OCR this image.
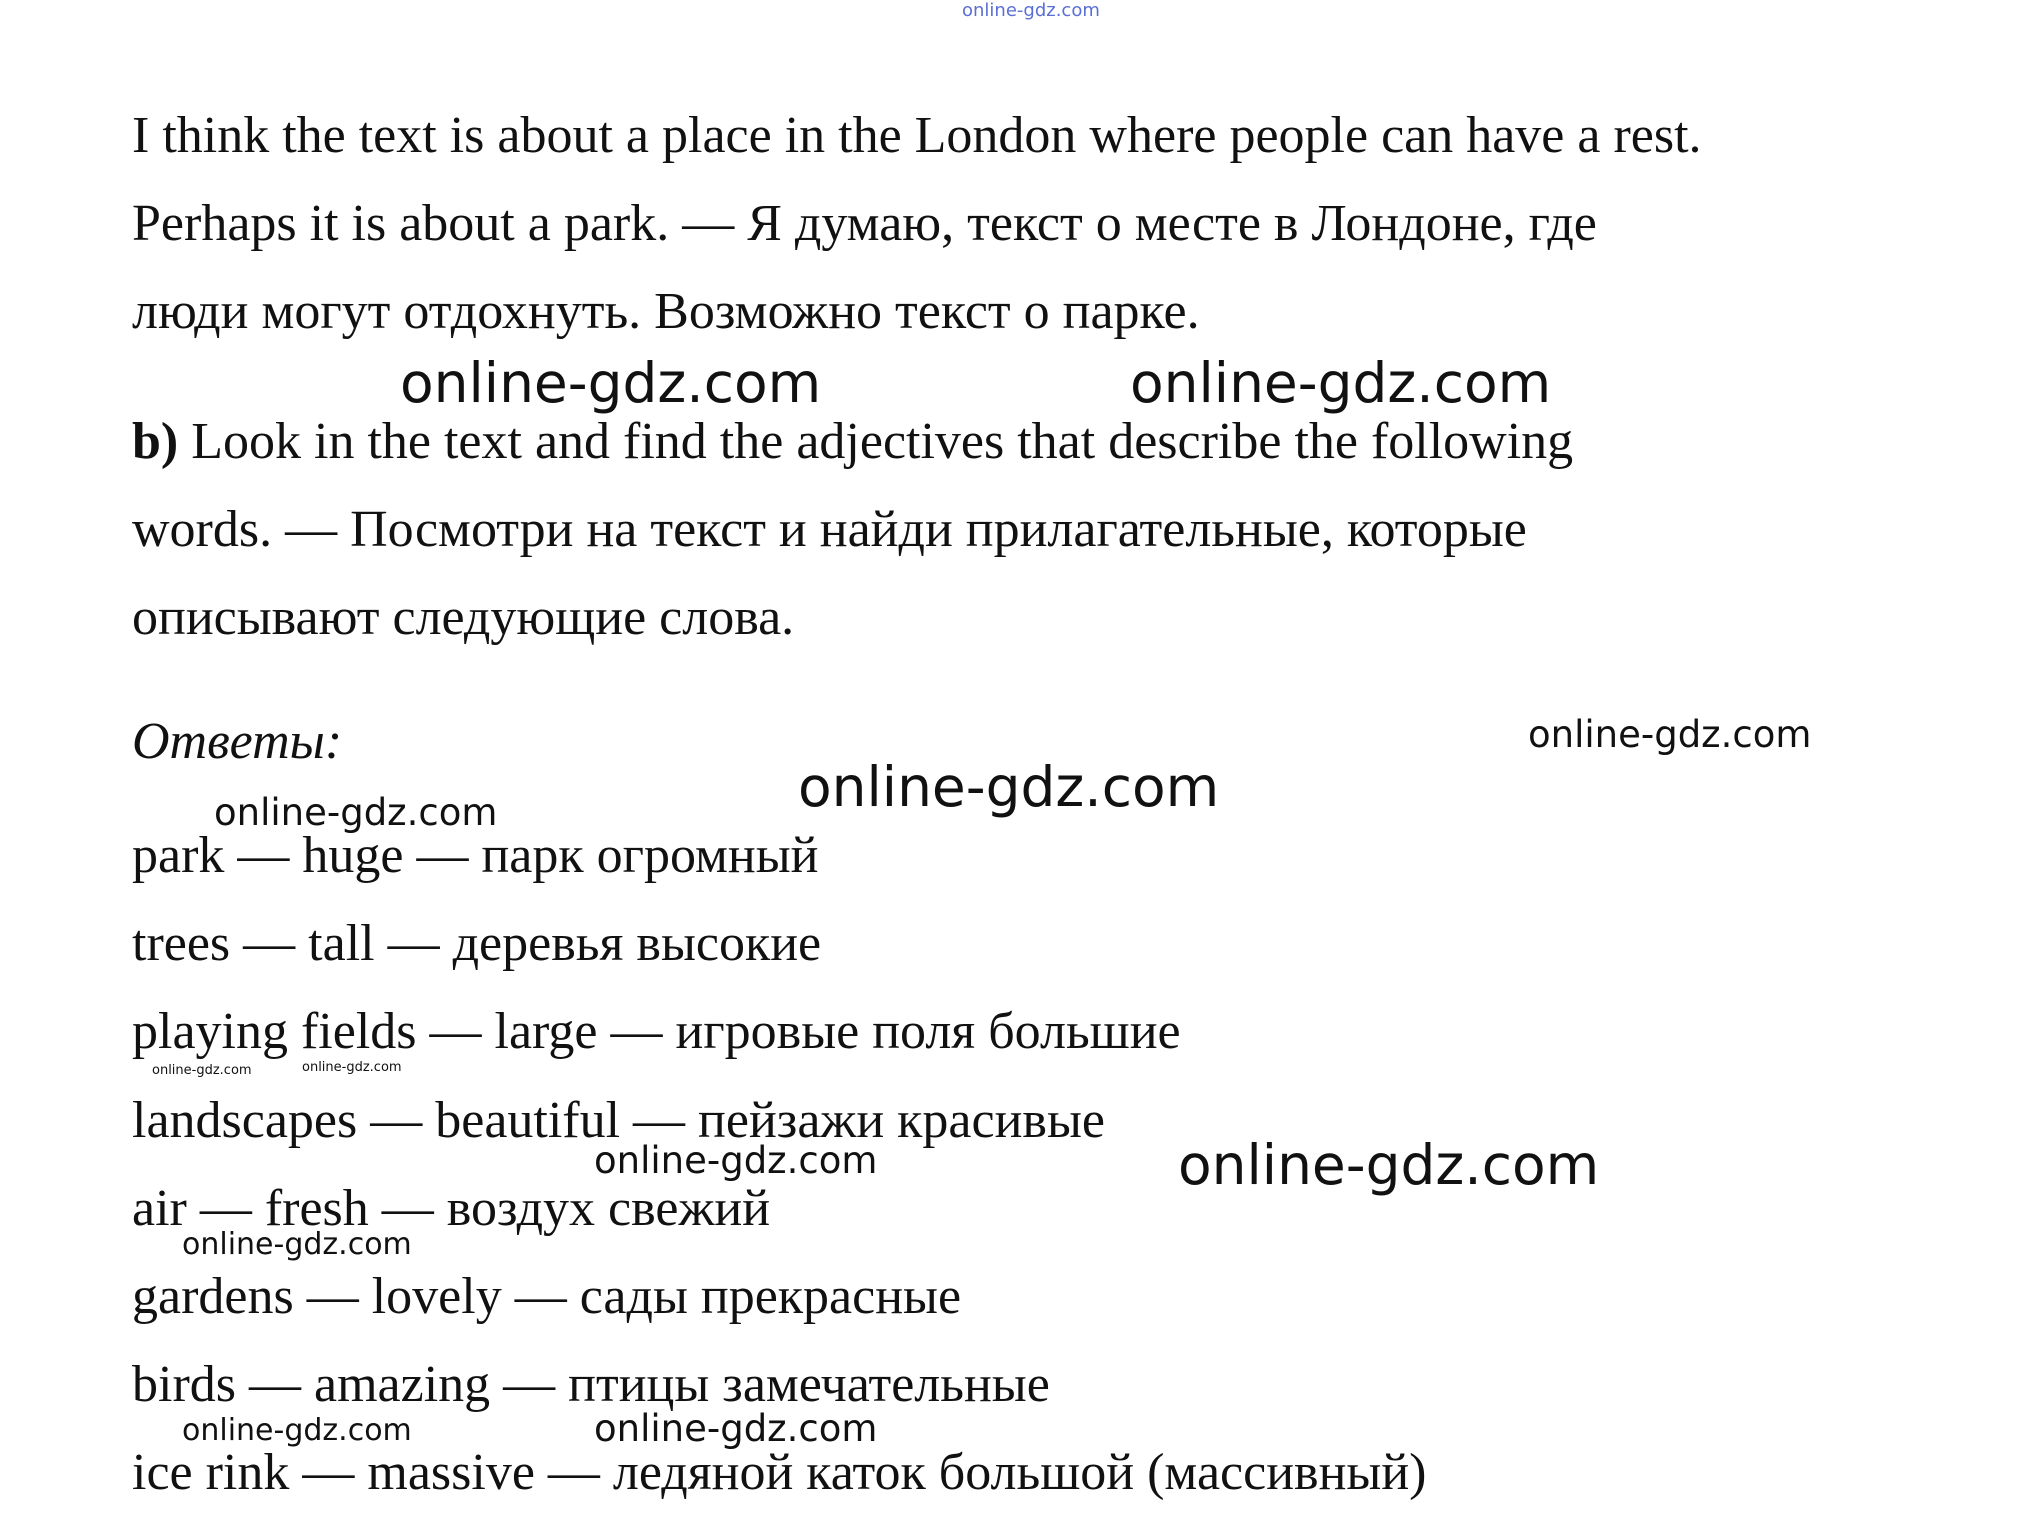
online-gdz.com
I think the text is about a place in the London where people can have a rest.
Perhaps it is about a park. — Я думаю, текст о месте в Лондоне, где
люди могут отдохнуть. Возможно текст о парке.
b) Look in the text and find the adjectives that describe the following
words. — Посмотри на текст и найди прилагательные, которые
описывают следующие слова.
Ответы:
park — huge — парк огромный
trees — tall — деревья высокие
playing fields — large — игровые поля большие
landscapes — beautiful — пейзажи красивые
air — fresh — воздух свежий
gardens — lovely — сады прекрасные
birds — amazing — птицы замечательные
ice rink — massive — ледяной каток большой (массивный)
online-gdz.com	online-gdz.com
online-gdz.com
online-gdz.com
online-gdz.com
online-gdz.com	online-gdz.com
online-gdz.com	online-gdz.com
online-gdz.com
online-gdz.com	online-gdz.com
